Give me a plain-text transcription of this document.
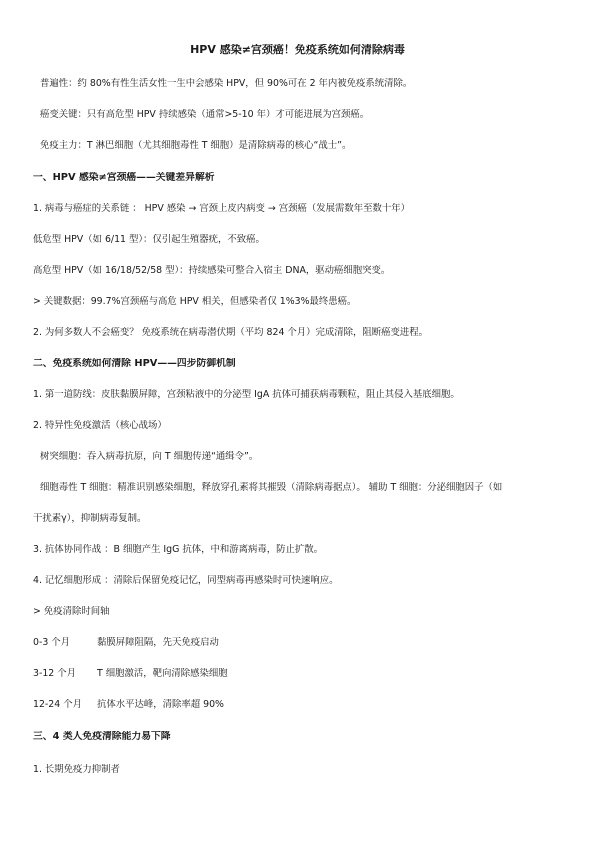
HPV 感染≠宫颈癌！免疫系统如何清除病毒
普遍性：约 80%有性生活女性一生中会感染 HPV，但 90%可在 2 年内被免疫系统清除。
癌变关键：只有高危型 HPV 持续感染（通常>5-10 年）才可能进展为宫颈癌。
免疫主力：T 淋巴细胞（尤其细胞毒性 T 细胞）是清除病毒的核心“战士”。
一、HPV 感染≠宫颈癌——关键差异解析
1. 病毒与癌症的关系链 ： HPV 感染 → 宫颈上皮内病变 → 宫颈癌（发展需数年至数十年）
低危型 HPV（如 6/11 型）：仅引起生殖器疣，不致癌。
高危型 HPV（如 16/18/52/58 型）：持续感染可整合入宿主 DNA，驱动癌细胞突变。
> 关键数据：99.7%宫颈癌与高危 HPV 相关，但感染者仅 1%3%最终患癌。
2. 为何多数人不会癌变？ 免疫系统在病毒潜伏期（平均 824 个月）完成清除，阻断癌变进程。
二、免疫系统如何清除 HPV——四步防御机制
1. 第一道防线：皮肤黏膜屏障，宫颈粘液中的分泌型 IgA 抗体可捕获病毒颗粒，阻止其侵入基底细胞。
2. 特异性免疫激活（核心战场）
树突细胞：吞入病毒抗原，向 T 细胞传递“通缉令”。
细胞毒性 T 细胞：精准识别感染细胞，释放穿孔素将其摧毁（清除病毒据点）。 辅助 T 细胞：分泌细胞因子（如
干扰素γ），抑制病毒复制。
3. 抗体协同作战 ：B 细胞产生 IgG 抗体，中和游离病毒，防止扩散。
4. 记忆细胞形成 ：清除后保留免疫记忆，同型病毒再感染时可快速响应。
> 免疫清除时间轴
0-3 个月	黏膜屏障阻隔，先天免疫启动
3-12 个月 T 细胞激活，靶向清除感染细胞
12-24 个月 抗体水平达峰，清除率超 90%
三、4 类人免疫清除能力易下降
1. 长期免疫力抑制者
